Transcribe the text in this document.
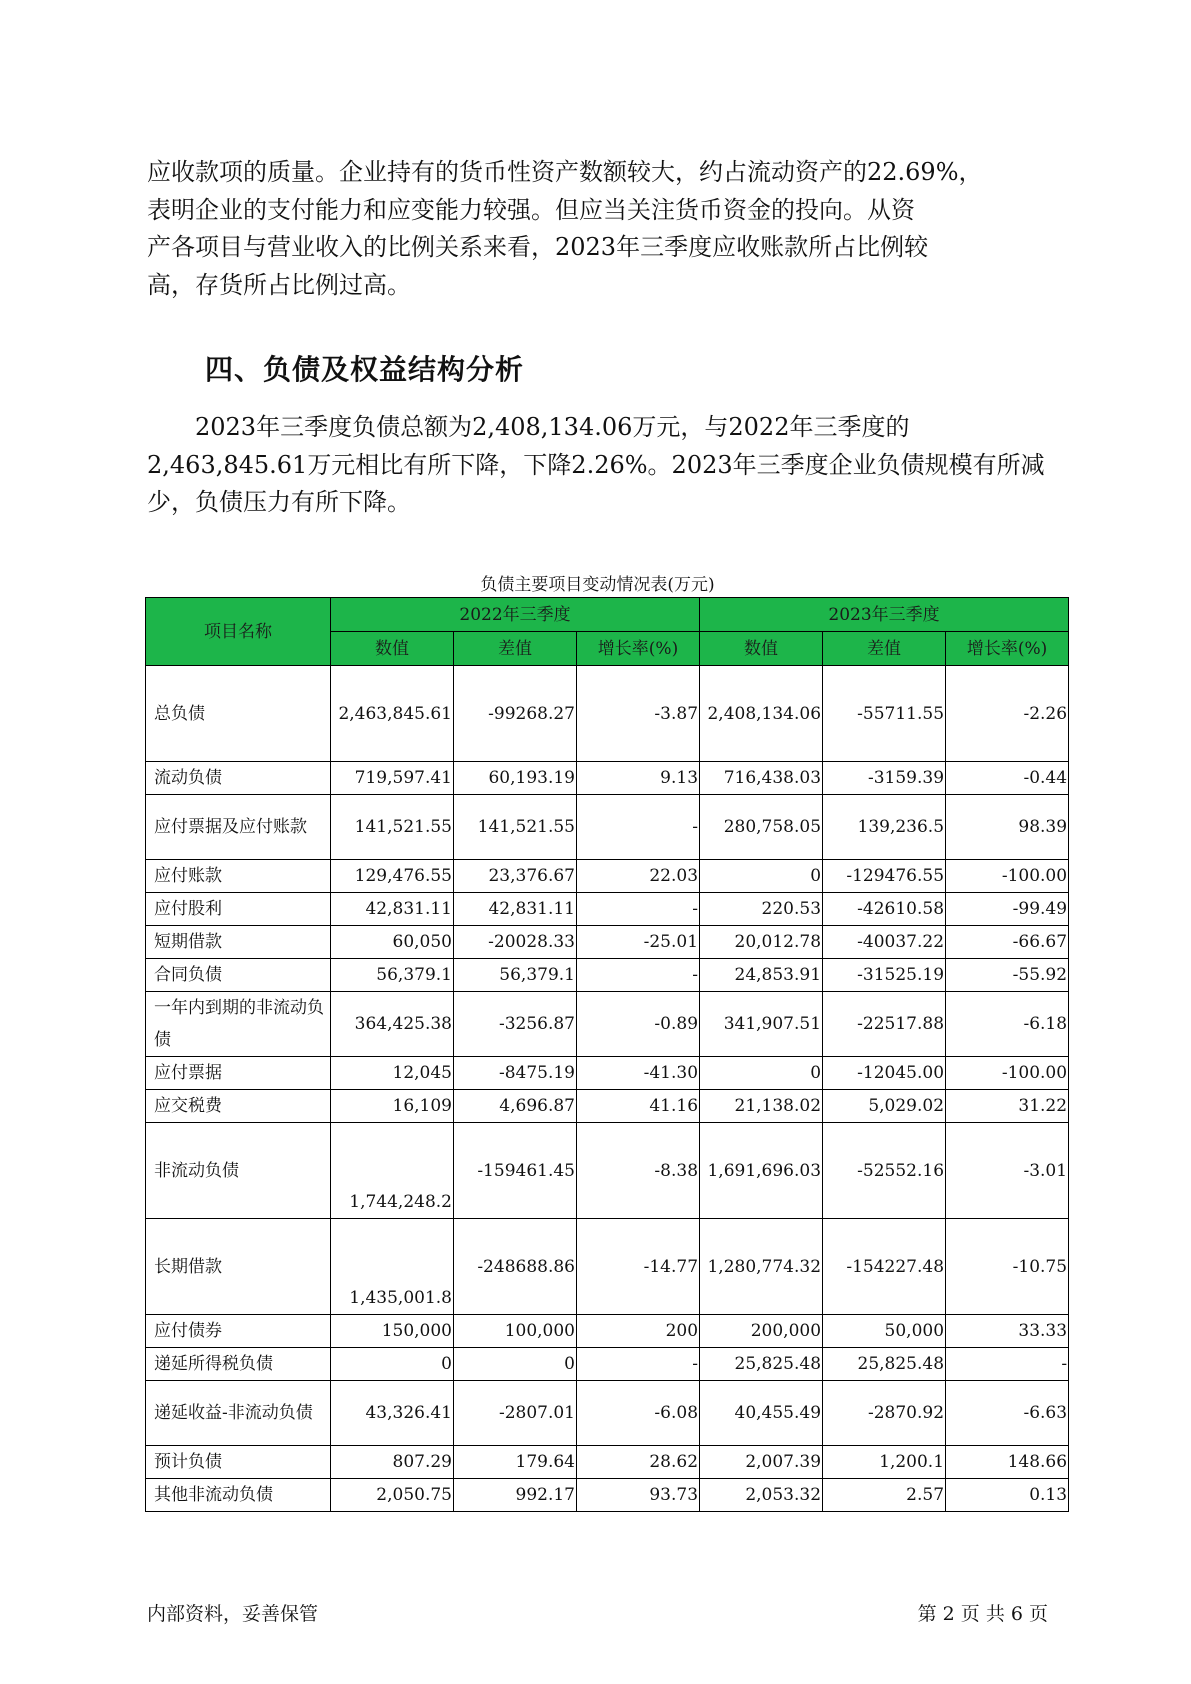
应收款项的质量。企业持有的货币性资产数额较大，约占流动资产的22.69%，

表明企业的支付能力和应变能力较强。但应当关注货币资金的投向。从资

产各项目与营业收入的比例关系来看，2023年三季度应收账款所占比例较

高，存货所占比例过高。

四、负债及权益结构分析

2023年三季度负债总额为2,408,134.06万元，与2022年三季度的2,463,845.61万元相比有所下降，下降2.26%。2023年三季度企业负债规模有所减少，负债压力有所下降。

负债主要项目变动情况表(万元)

项目名称	2022年三季度			2023年三季度		
	数值	差值	增长率(%)	数值	差值	增长率(%)
总负债	2,463,845.61	-99268.27	-3.87	2,408,134.06	-55711.55	-2.26
流动负债	719,597.41	60,193.19	9.13	716,438.03	-3159.39	-0.44
应付票据及应付账款	141,521.55	141,521.55	-	280,758.05	139,236.5	98.39
应付账款	129,476.55	23,376.67	22.03	0	-129476.55	-100.00
应付股利	42,831.11	42,831.11	-	220.53	-42610.58	-99.49
短期借款	60,050	-20028.33	-25.01	20,012.78	-40037.22	-66.67
合同负债	56,379.1	56,379.1	-	24,853.91	-31525.19	-55.92
一年内到期的非流动负债	364,425.38	-3256.87	-0.89	341,907.51	-22517.88	-6.18
应付票据	12,045	-8475.19	-41.30	0	-12045.00	-100.00
应交税费	16,109	4,696.87	41.16	21,138.02	5,029.02	31.22
非流动负债	1,744,248.2	-159461.45	-8.38	1,691,696.03	-52552.16	-3.01
长期借款	1,435,001.8	-248688.86	-14.77	1,280,774.32	-154227.48	-10.75
应付债券	150,000	100,000	200	200,000	50,000	33.33
递延所得税负债	0	0	-	25,825.48	25,825.48	-
递延收益-非流动负债	43,326.41	-2807.01	-6.08	40,455.49	-2870.92	-6.63
预计负债	807.29	179.64	28.62	2,007.39	1,200.1	148.66
其他非流动负债	2,050.75	992.17	93.73	2,053.32	2.57	0.13

内部资料，妥善保管	第 2 页 共 6 页
